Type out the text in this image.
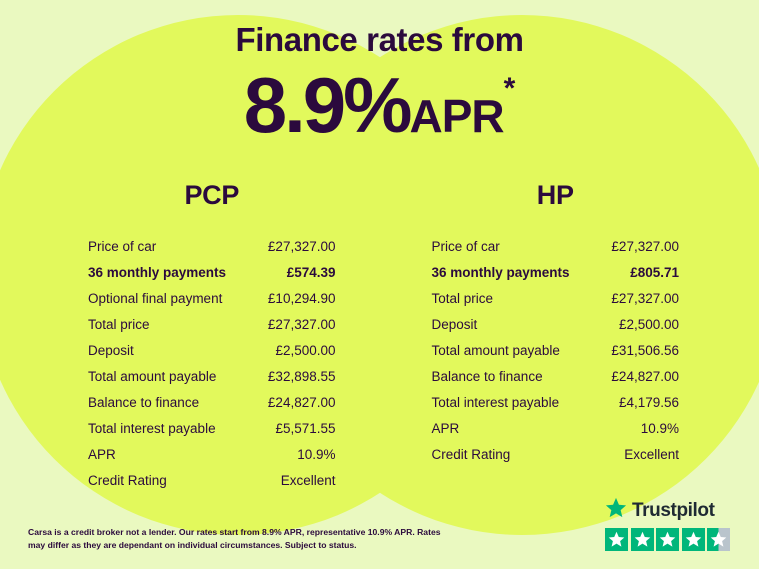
Finance rates from
8.9%APR*
PCP
Price of car	£27,327.00
36 monthly payments	£574.39
Optional final payment	£10,294.90
Total price	£27,327.00
Deposit	£2,500.00
Total amount payable	£32,898.55
Balance to finance	£24,827.00
Total interest payable	£5,571.55
APR	10.9%
Credit Rating	Excellent
HP
Price of car	£27,327.00
36 monthly payments	£805.71
Total price	£27,327.00
Deposit	£2,500.00
Total amount payable	£31,506.56
Balance to finance	£24,827.00
Total interest payable	£4,179.56
APR	10.9%
Credit Rating	Excellent
Carsa is a credit broker not a lender. Our rates start from 8.9% APR, representative 10.9% APR. Rates may differ as they are dependant on individual circumstances. Subject to status.
Trustpilot
